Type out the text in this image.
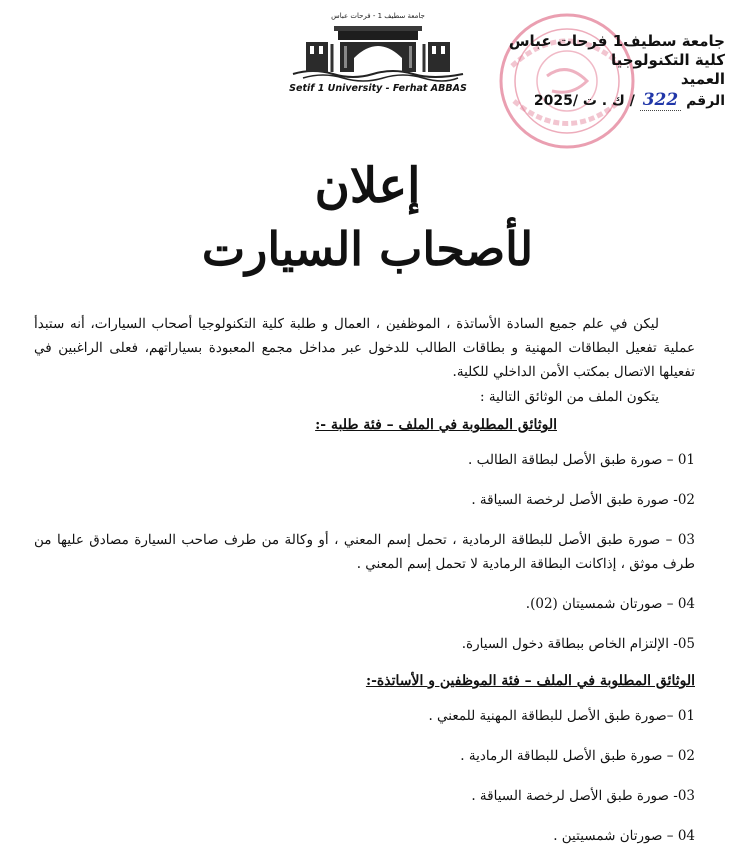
جامعة سطيف 1 - فرحات عباس
Setif 1 University - Ferhat ABBAS
جامعة سطيف1 فرحات عباس
كلية التكنولوجيا
العميد
الرقم 322 / ك . ت /2025
إعلان
لأصحاب السيارت

ليكن في علم جميع السادة الأساتذة ، الموظفين ، العمال و طلبة كلية التكنولوجيا أصحاب السيارات، أنه ستبدأ عملية تفعيل البطاقات المهنية و بطاقات الطالب للدخول عبر مداخل مجمع المعبودة بسياراتهم، فعلى الراغبين في تفعيلها الاتصال بمكتب الأمن الداخلي للكلية.

يتكون الملف من الوثائق التالية :
الوثائق المطلوبة في الملف – فئة طلبة -:
01 – صورة طبق الأصل لبطاقة الطالب .
02- صورة طبق الأصل لرخصة السياقة .
03 – صورة طبق الأصل للبطاقة الرمادية ، تحمل إسم المعني ، أو وكالة من طرف صاحب السيارة مصادق عليها من طرف موثق ، إذاكانت البطاقة الرمادية لا تحمل إسم المعني .
04 – صورتان شمسيتان (02).
05- الإلتزام الخاص ببطاقة دخول السيارة.
الوثائق المطلوبة في الملف – فئة الموظفين و الأساتذة-:
01 –صورة طبق الأصل للبطاقة المهنية للمعني .
02 – صورة طبق الأصل للبطاقة الرمادية .
03- صورة طبق الأصل لرخصة السياقة .
04 – صورتان شمسيتين .
